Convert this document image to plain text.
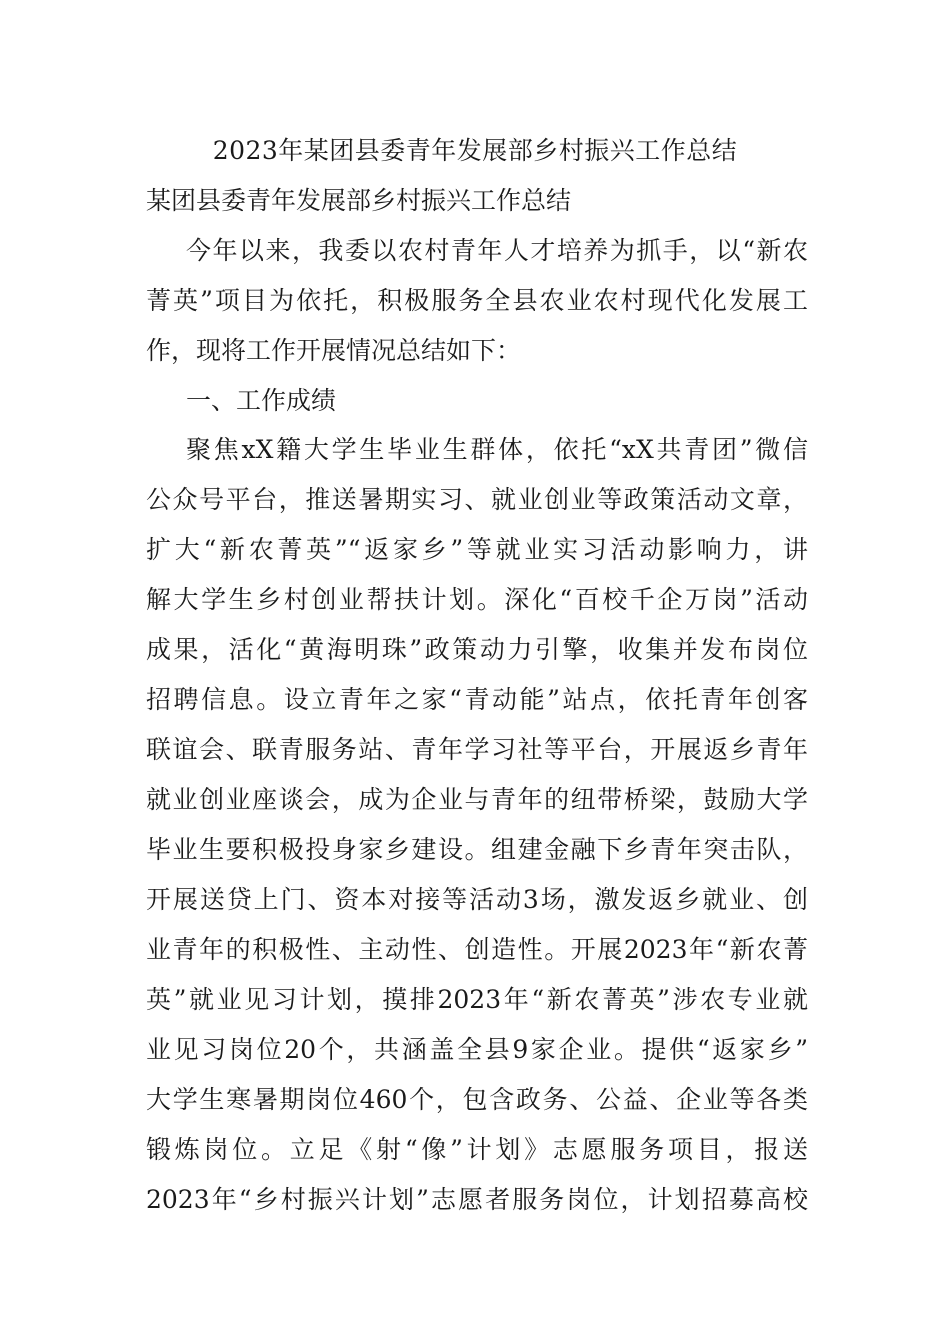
2023年某团县委青年发展部乡村振兴工作总结
某团县委青年发展部乡村振兴工作总结
今年以来，我委以农村青年人才培养为抓手，以“新农
菁英”项目为依托，积极服务全县农业农村现代化发展工
作，现将工作开展情况总结如下：
一、工作成绩
聚焦xX籍大学生毕业生群体，依托“xX共青团”微信
公众号平台，推送暑期实习、就业创业等政策活动文章，
扩大“新农菁英”“返家乡”等就业实习活动影响力，讲
解大学生乡村创业帮扶计划。深化“百校千企万岗”活动
成果，活化“黄海明珠”政策动力引擎，收集并发布岗位
招聘信息。设立青年之家“青动能”站点，依托青年创客
联谊会、联青服务站、青年学习社等平台，开展返乡青年
就业创业座谈会，成为企业与青年的纽带桥梁，鼓励大学
毕业生要积极投身家乡建设。组建金融下乡青年突击队，
开展送贷上门、资本对接等活动3场，激发返乡就业、创
业青年的积极性、主动性、创造性。开展2023年“新农菁
英”就业见习计划，摸排2023年“新农菁英”涉农专业就
业见习岗位20个，共涵盖全县9家企业。提供“返家乡”
大学生寒暑期岗位460个，包含政务、公益、企业等各类
锻炼岗位。立足《射“像”计划》志愿服务项目，报送
2023年“乡村振兴计划”志愿者服务岗位，计划招募高校
